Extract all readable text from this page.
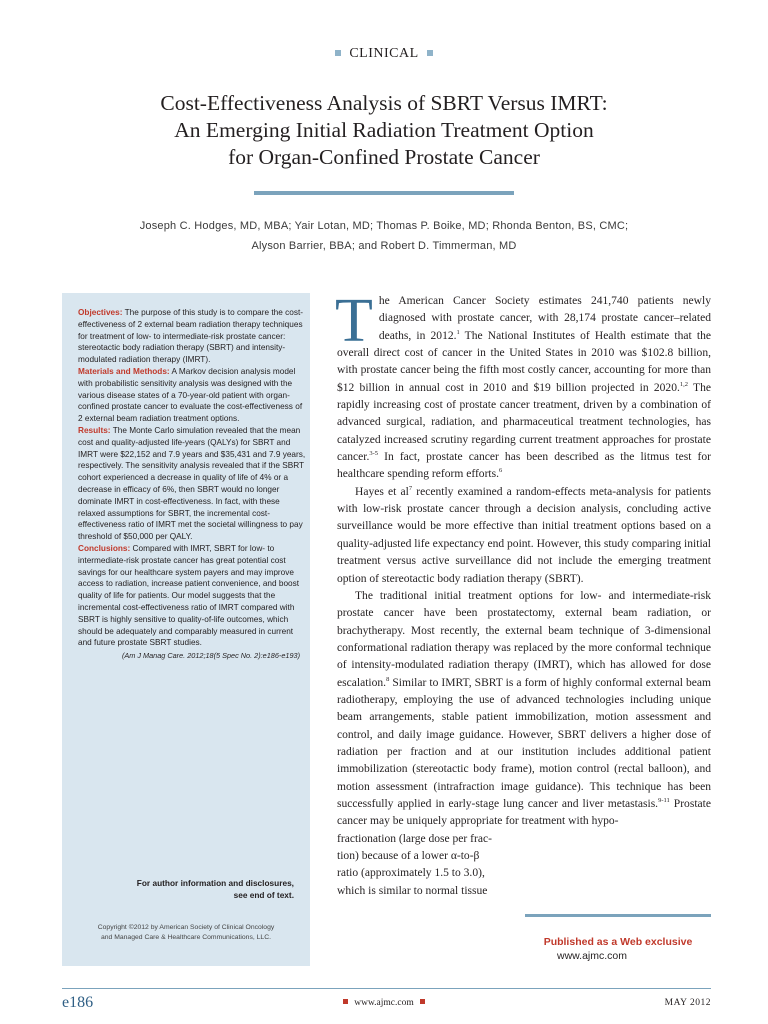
CLINICAL
Cost-Effectiveness Analysis of SBRT Versus IMRT:
An Emerging Initial Radiation Treatment Option
for Organ-Confined Prostate Cancer
Joseph C. Hodges, MD, MBA; Yair Lotan, MD; Thomas P. Boike, MD; Rhonda Benton, BS, CMC;
Alyson Barrier, BBA; and Robert D. Timmerman, MD

Objectives: The purpose of this study is to compare the cost-effectiveness of 2 external beam radiation therapy techniques for treatment of low- to intermediate-risk prostate cancer: stereotactic body radiation therapy (SBRT) and intensity-modulated radiation therapy (IMRT).

Materials and Methods: A Markov decision analysis model with probabilistic sensitivity analysis was designed with the various disease states of a 70-year-old patient with organ-confined prostate cancer to evaluate the cost-effectiveness of 2 external beam radiation treatment options.

Results: The Monte Carlo simulation revealed that the mean cost and quality-adjusted life-years (QALYs) for SBRT and IMRT were $22,152 and 7.9 years and $35,431 and 7.9 years, respectively. The sensitivity analysis revealed that if the SBRT cohort experienced a decrease in quality of life of 4% or a decrease in efficacy of 6%, then SBRT would no longer dominate IMRT in cost-effectiveness. In fact, with these relaxed assumptions for SBRT, the incremental cost-effectiveness ratio of IMRT met the societal willingness to pay threshold of $50,000 per QALY.

Conclusions: Compared with IMRT, SBRT for low- to intermediate-risk prostate cancer has great potential cost savings for our healthcare system payers and may improve access to radiation, increase patient convenience, and boost quality of life for patients. Our model suggests that the incremental cost-effectiveness ratio of IMRT compared with SBRT is highly sensitive to quality-of-life outcomes, which should be adequately and comparably measured in current and future prostate SBRT studies.

(Am J Manag Care. 2012;18(5 Spec No. 2):e186-e193)
For author information and disclosures,
see end of text.
Copyright ©2012 by American Society of Clinical Oncology
and Managed Care & Healthcare Communications, LLC.

The American Cancer Society estimates 241,740 patients newly diagnosed with prostate cancer, with 28,174 prostate cancer–related deaths, in 2012.$^1$ The National Institutes of Health estimate that the overall direct cost of cancer in the United States in 2010 was $102.8 billion, with prostate cancer being the fifth most costly cancer, accounting for more than $12 billion in annual cost in 2010 and $19 billion projected in 2020.$^{1,2}$ The rapidly increasing cost of prostate cancer treatment, driven by a combination of advanced surgical, radiation, and pharmaceutical treatment technologies, has catalyzed increased scrutiny regarding current treatment approaches for prostate cancer.$^{3-5}$ In fact, prostate cancer has been described as the litmus test for healthcare spending reform efforts.$^6$

Hayes et $al^7$ recently examined a random-effects meta-analysis for patients with low-risk prostate cancer through a decision analysis, concluding active surveillance would be more effective than initial treatment options based on a quality-adjusted life expectancy end point. However, this study comparing initial treatment versus active surveillance did not include the emerging treatment option of stereotactic body radiation therapy (SBRT).

The traditional initial treatment options for low- and intermediate-risk prostate cancer have been prostatectomy, external beam radiation, or brachytherapy. Most recently, the external beam technique of 3-dimensional conformational radiation therapy was replaced by the more conformal technique of intensity-modulated radiation therapy (IMRT), which has allowed for dose escalation.$^8$ Similar to IMRT, SBRT is a form of highly conformal external beam radiotherapy, employing the use of advanced technologies including unique beam arrangements, stable patient immobilization, motion assessment and control, and daily image guidance. However, SBRT delivers a higher dose of radiation per fraction and at our institution includes additional patient immobilization (stereotactic body frame), motion control (rectal balloon), and motion assessment (intrafraction image guidance). This technique has been successfully applied in early-stage lung cancer and liver metastasis.$^{9-11}$ Prostate cancer may be uniquely appropriate for treatment with hypo-

fractionation (large dose per frac-
tion) because of a lower α-to-β
ratio (approximately 1.5 to 3.0),
which is similar to normal tissue
Published as a Web exclusive
www.ajmc.com
e186	www.ajmc.com	MAY 2012
